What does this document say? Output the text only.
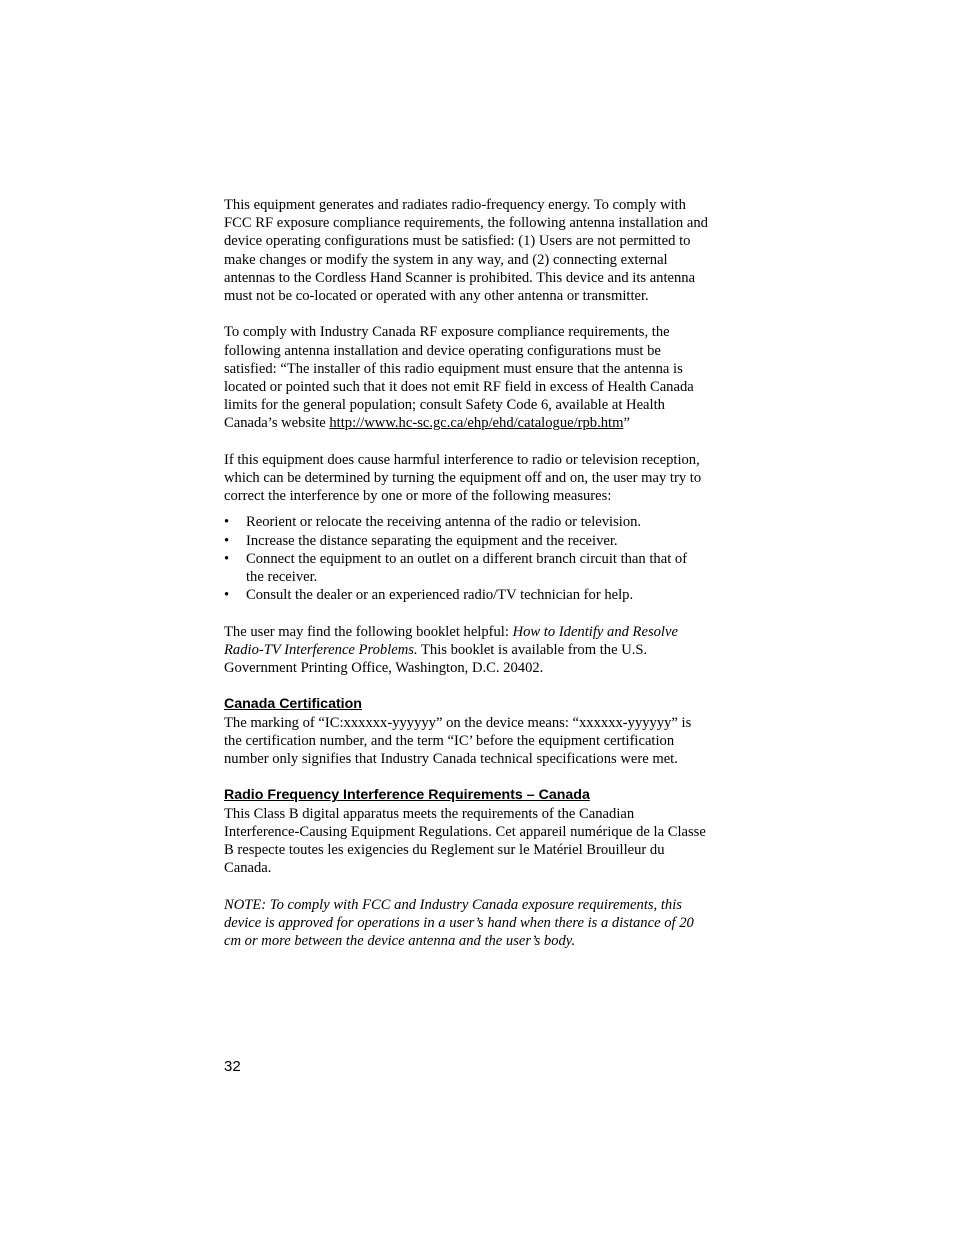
This equipment generates and radiates radio-frequency energy. To comply with FCC RF exposure compliance requirements, the following antenna installation and device operating configurations must be satisfied: (1) Users are not permitted to make changes or modify the system in any way, and (2) connecting external antennas to the Cordless Hand Scanner is prohibited. This device and its antenna must not be co-located or operated with any other antenna or transmitter.

To comply with Industry Canada RF exposure compliance requirements, the following antenna installation and device operating configurations must be satisfied: “The installer of this radio equipment must ensure that the antenna is located or pointed such that it does not emit RF field in excess of Health Canada limits for the general population; consult Safety Code 6, available at Health Canada’s website http://www.hc-sc.gc.ca/ehp/ehd/catalogue/rpb.htm”

If this equipment does cause harmful interference to radio or television reception, which can be determined by turning the equipment off and on, the user may try to correct the interference by one or more of the following measures:

• Reorient or relocate the receiving antenna of the radio or television.
• Increase the distance separating the equipment and the receiver.
• Connect the equipment to an outlet on a different branch circuit than that of the receiver.
• Consult the dealer or an experienced radio/TV technician for help.

The user may find the following booklet helpful: How to Identify and Resolve Radio-TV Interference Problems. This booklet is available from the U.S. Government Printing Office, Washington, D.C. 20402.

Canada Certification

The marking of “IC:xxxxxx-yyyyyy” on the device means: “xxxxxx-yyyyyy” is the certification number, and the term “IC’ before the equipment certification number only signifies that Industry Canada technical specifications were met.

Radio Frequency Interference Requirements – Canada

This Class B digital apparatus meets the requirements of the Canadian Interference-Causing Equipment Regulations. Cet appareil numérique de la Classe B respecte toutes les exigencies du Reglement sur le Matériel Brouilleur du Canada.

NOTE: To comply with FCC and Industry Canada exposure requirements, this device is approved for operations in a user’s hand when there is a distance of 20 cm or more between the device antenna and the user’s body.

32
